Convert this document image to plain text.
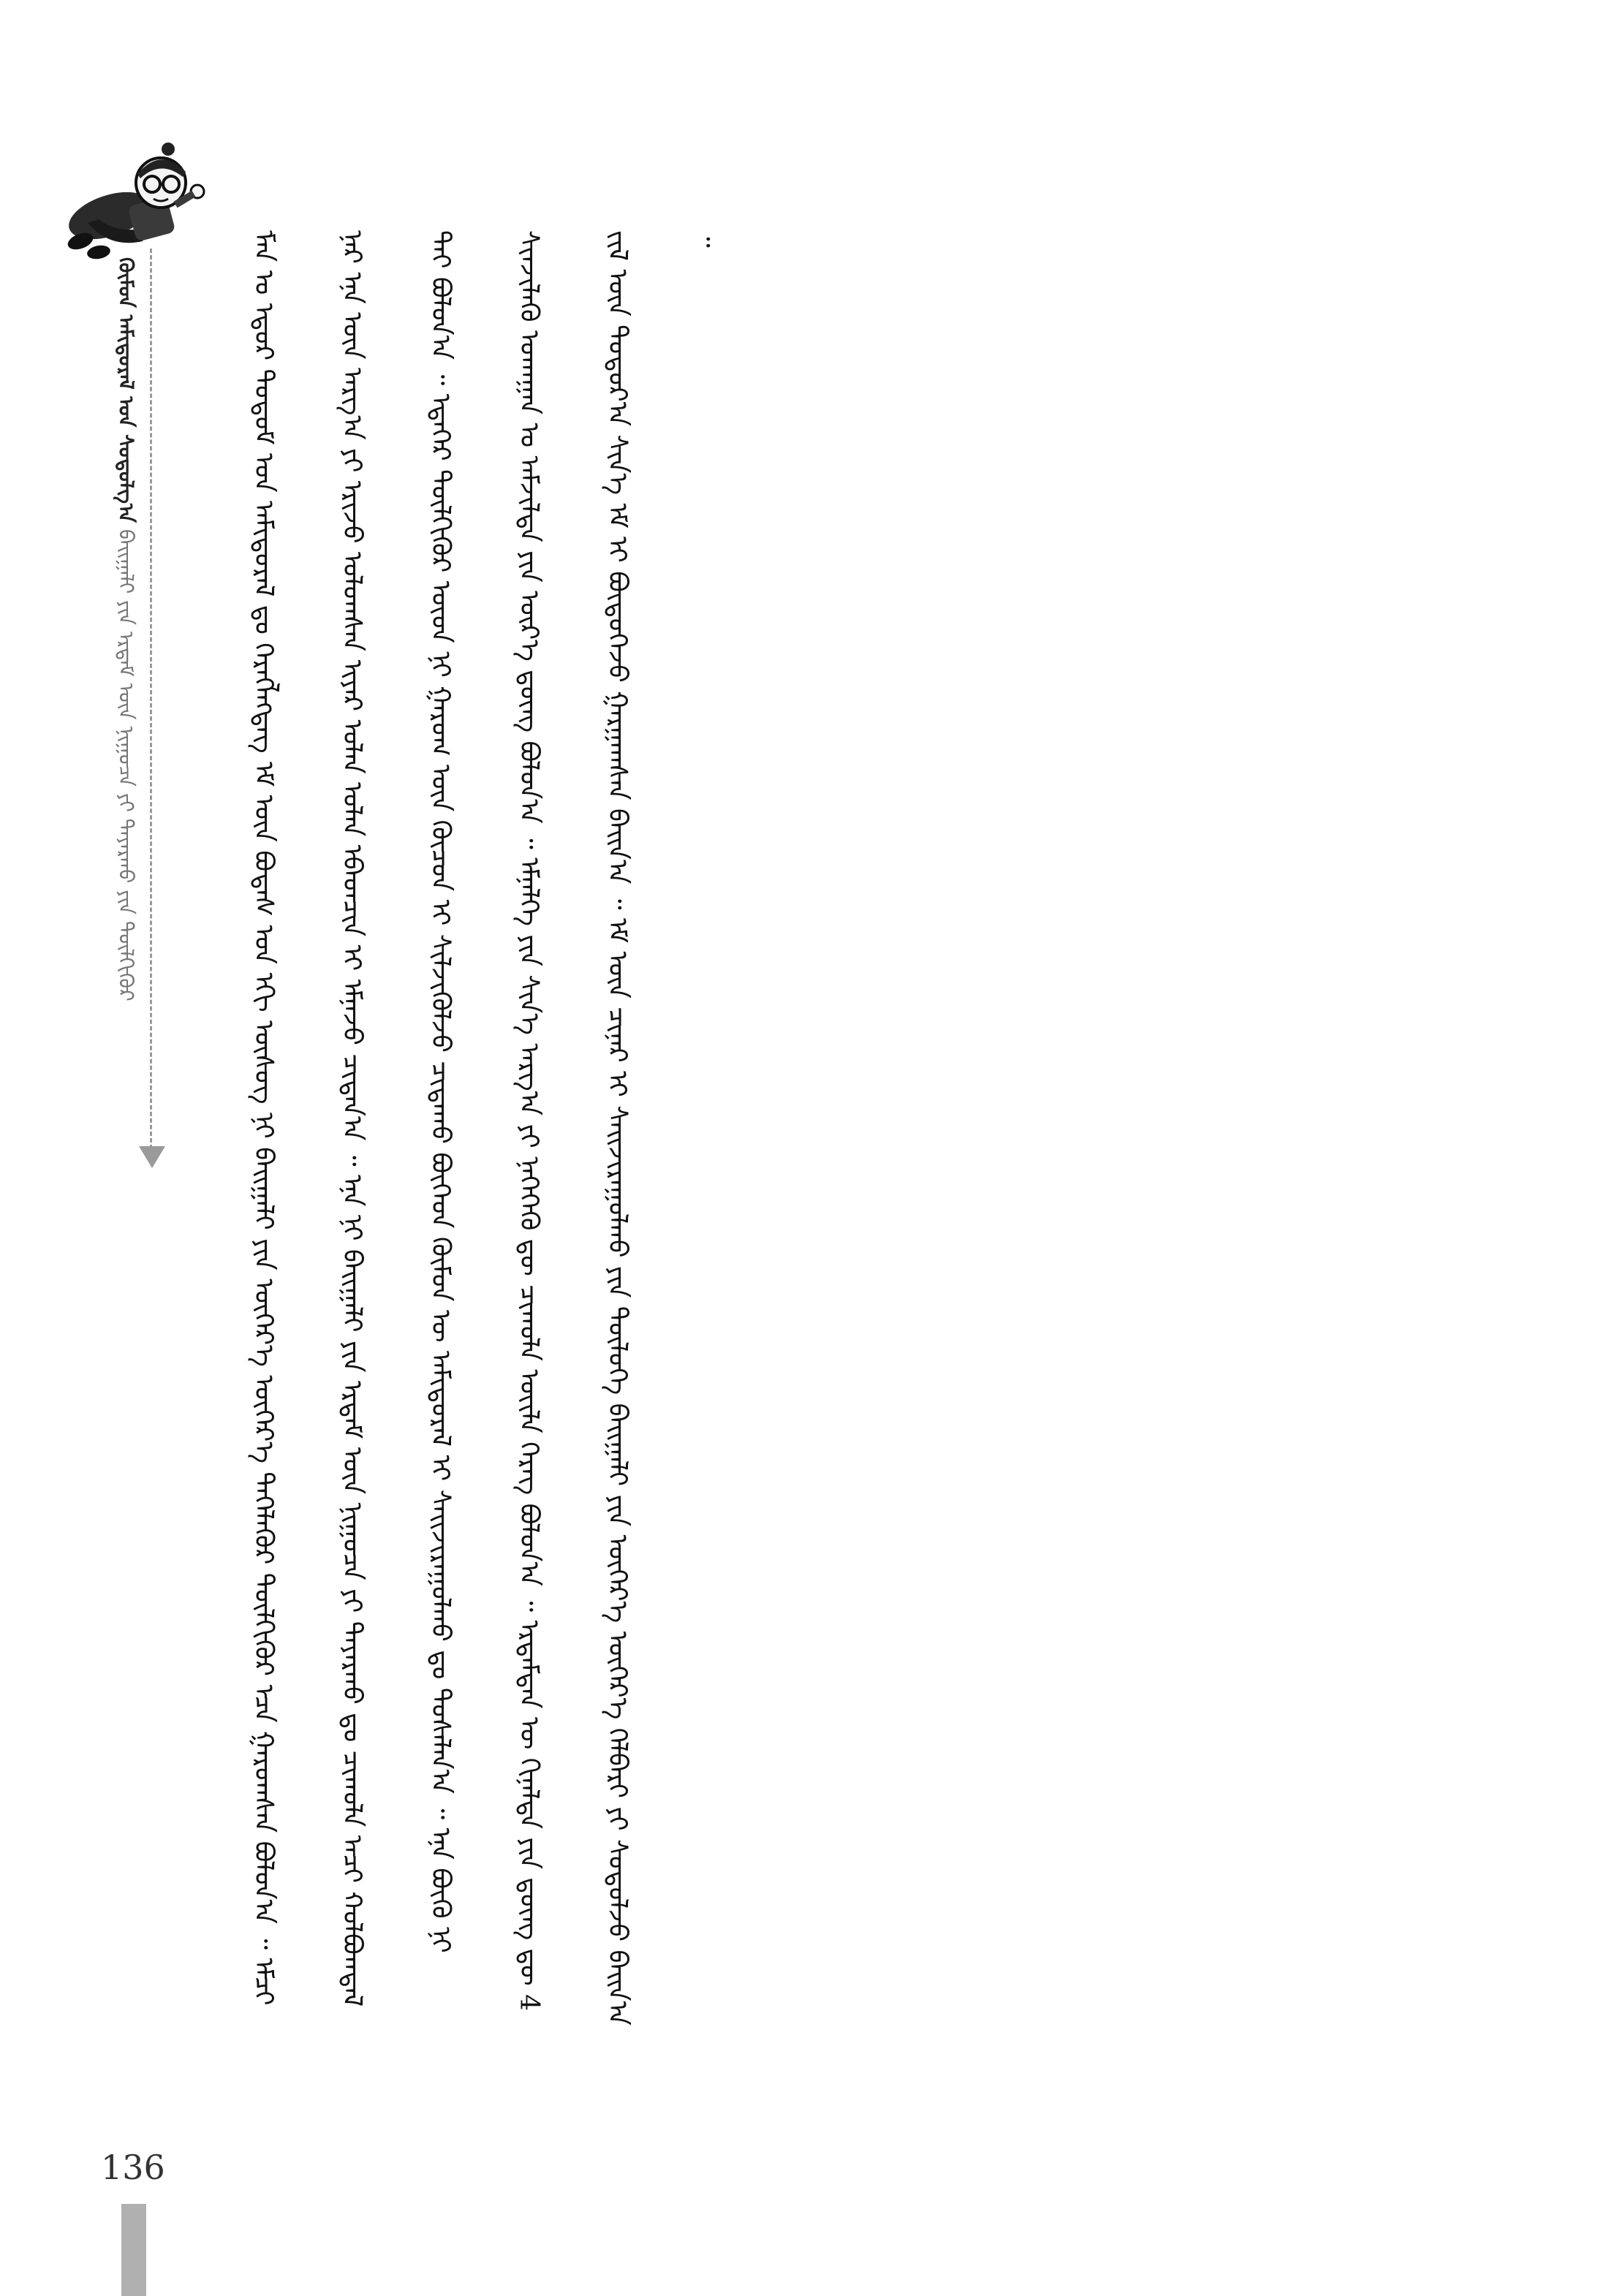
ᠬᠦᠮᠦᠨ ᠠᠮᠢᠳᠤᠷᠠᠯ ᠤᠨ ᠰᠤᠳᠤᠯᠭ᠎ᠠ ᠪᠠᠢᠭᠠᠯᠢ ᠶᠢᠨ ᠡᠷᠳᠡᠮ ᠦᠨ ᠨᠢᠭᠤᠴᠠ ᠶᠢ ᠳᠠᠶᠠᠷᠬᠤ ᠶᠢᠨ ᠲᠦᠯᠬᠢᠭᠦᠷ	ᠮᠠᠨ ᠤ ᠡᠳᠦᠷ ᠲᠤᠲᠤᠮ ᠤᠨ ᠠᠮᠢᠳᠤᠷᠠᠯ ᠳᠤ ᠬᠡᠷᠡᠭᠯᠡᠭᠳᠡᠭ ᠡᠮ ᠦᠨ ᠪᠣᠳᠠᠰ ᠤᠨ ᠡᠬᠢ ᠦᠰᠦᠭ ᠨᠢ ᠪᠠᠢᠭᠠᠯᠢ ᠶᠢᠨ ᠦᠭᠡᠷ᠎ᠡ ᠦᠭᠡᠷ᠎ᠡ ᠲᠡᠭᠡᠯᠡᠭᠦᠷ ᠲᠦᠯᠬᠢᠭᠦᠷ ᠡᠴᠡ ᠭᠠᠷᠤᠭᠰᠠᠨ ᠪᠣᠯᠤᠨ᠎ᠠ ᠃ ᠡᠮᠴᠢ ᠨᠠᠷ ᠡᠨᠡ ᠦᠨ ᠠᠷᠭ᠎ᠠ ᠶᠢ ᠡᠷᠢᠵᠦ ᠣᠯᠤᠭᠰᠠᠨ ᠢᠶᠡᠷ ᠣᠯᠠᠨ ᠣᠯᠠᠨ ᠡᠪᠡᠳᠴᠢᠨ ᠢ ᠡᠮᠨᠡᠵᠦ ᠴᠢᠳᠠᠨ᠎ᠠ ᠃ ᠡᠨᠡ ᠨᠢ ᠪᠠᠢᠭᠠᠯᠢ ᠶᠢᠨ ᠡᠷᠳᠡᠮ ᠦᠨ ᠨᠢᠭᠤᠴᠠ ᠶᠢ ᠳᠠᠶᠠᠷᠬᠤ ᠳᠤ ᠴᠢᠬᠤᠯᠠ ᠠᠴᠢ ᠬᠣᠯᠪᠣᠭᠳᠠᠯ ᠲᠠᠢ ᠪᠣᠯᠤᠨ᠎ᠠ ᠃ ᠡᠳᠡᠭᠡᠷ ᠲᠦᠯᠬᠢᠭᠦᠷ ᠦᠳ ᠨᠢ ᠭᠠᠷᠤᠭ ᠦᠨ ᠬᠦᠴᠦᠨ ᠢ ᠰᠢᠯᠵᠢᠭᠦᠯᠵᠦ ᠴᠢᠳᠠᠬᠤ ᠪᠥᠭᠡᠳ ᠬᠦᠮᠦᠨ ᠦ ᠠᠮᠢᠳᠤᠷᠠᠯ ᠢ ᠰᠠᠢᠵᠢᠷᠠᠭᠤᠯᠬᠤ ᠳᠤ ᠲᠤᠰᠠᠯᠠᠨ᠎ᠠ ᠃ ᠡᠨᠡ ᠪᠦᠬᠦ ᠨᠢ ᠰᠢᠨᠵᠢᠯᠡᠬᠦ ᠤᠬᠠᠭᠠᠨ ᠤ ᠠᠮᠵᠢᠯᠲᠠ ᠶᠢᠨ ᠦᠷ᠎ᠡ ᠳ᠋ᠦᠩ ᠪᠣᠯᠤᠨ᠎ᠠ ᠃ ᠡᠮᠨᠡᠯᠭᠡ ᠶᠢᠨ ᠰᠢᠨ᠎ᠡ ᠠᠷᠭ᠎ᠠ ᠶᠢ ᠨᠡᠭᠡᠭᠡᠬᠦ ᠳᠦ ᠴᠢᠬᠤᠯᠠ ᠦᠢᠯᠡ ᠬᠡᠷᠡᠭ ᠪᠣᠯᠤᠨ᠎ᠠ ᠃ ᠡᠷᠳᠡᠮᠲᠡᠨ ᠦ ᠬᠢᠨᠠᠯᠲᠠ ᠶᠢᠨ ᠳ᠋ᠦᠩ ᠳᠦ 4 ᠵᠢᠯ ᠦᠨ ᠳᠣᠲᠣᠷ᠎ᠠ ᠰᠢᠨ᠎ᠡ ᠡᠮ ᠢ ᠪᠦᠲᠦᠭᠡᠵᠦ ᠭᠠᠷᠭᠠᠭᠰᠠᠨ ᠪᠠᠢᠨ᠎ᠠ ᠃ ᠡᠮ ᠦᠨ ᠴᠢᠨᠠᠷ ᠢ ᠰᠠᠢᠵᠢᠷᠠᠭᠤᠯᠬᠤ ᠶᠢᠨ ᠲᠥᠯᠦᠭᠡ ᠪᠠᠢᠭᠠᠯᠢ ᠶᠢᠨ ᠦᠭᠡᠷ᠎ᠡ ᠦᠭᠡᠷ᠎ᠡ ᠬᠡᠯᠪᠡᠷᠢ ᠶᠢ ᠰᠤᠳᠤᠯᠵᠤ ᠪᠠᠢᠨ᠎ᠠ ᠃

136
